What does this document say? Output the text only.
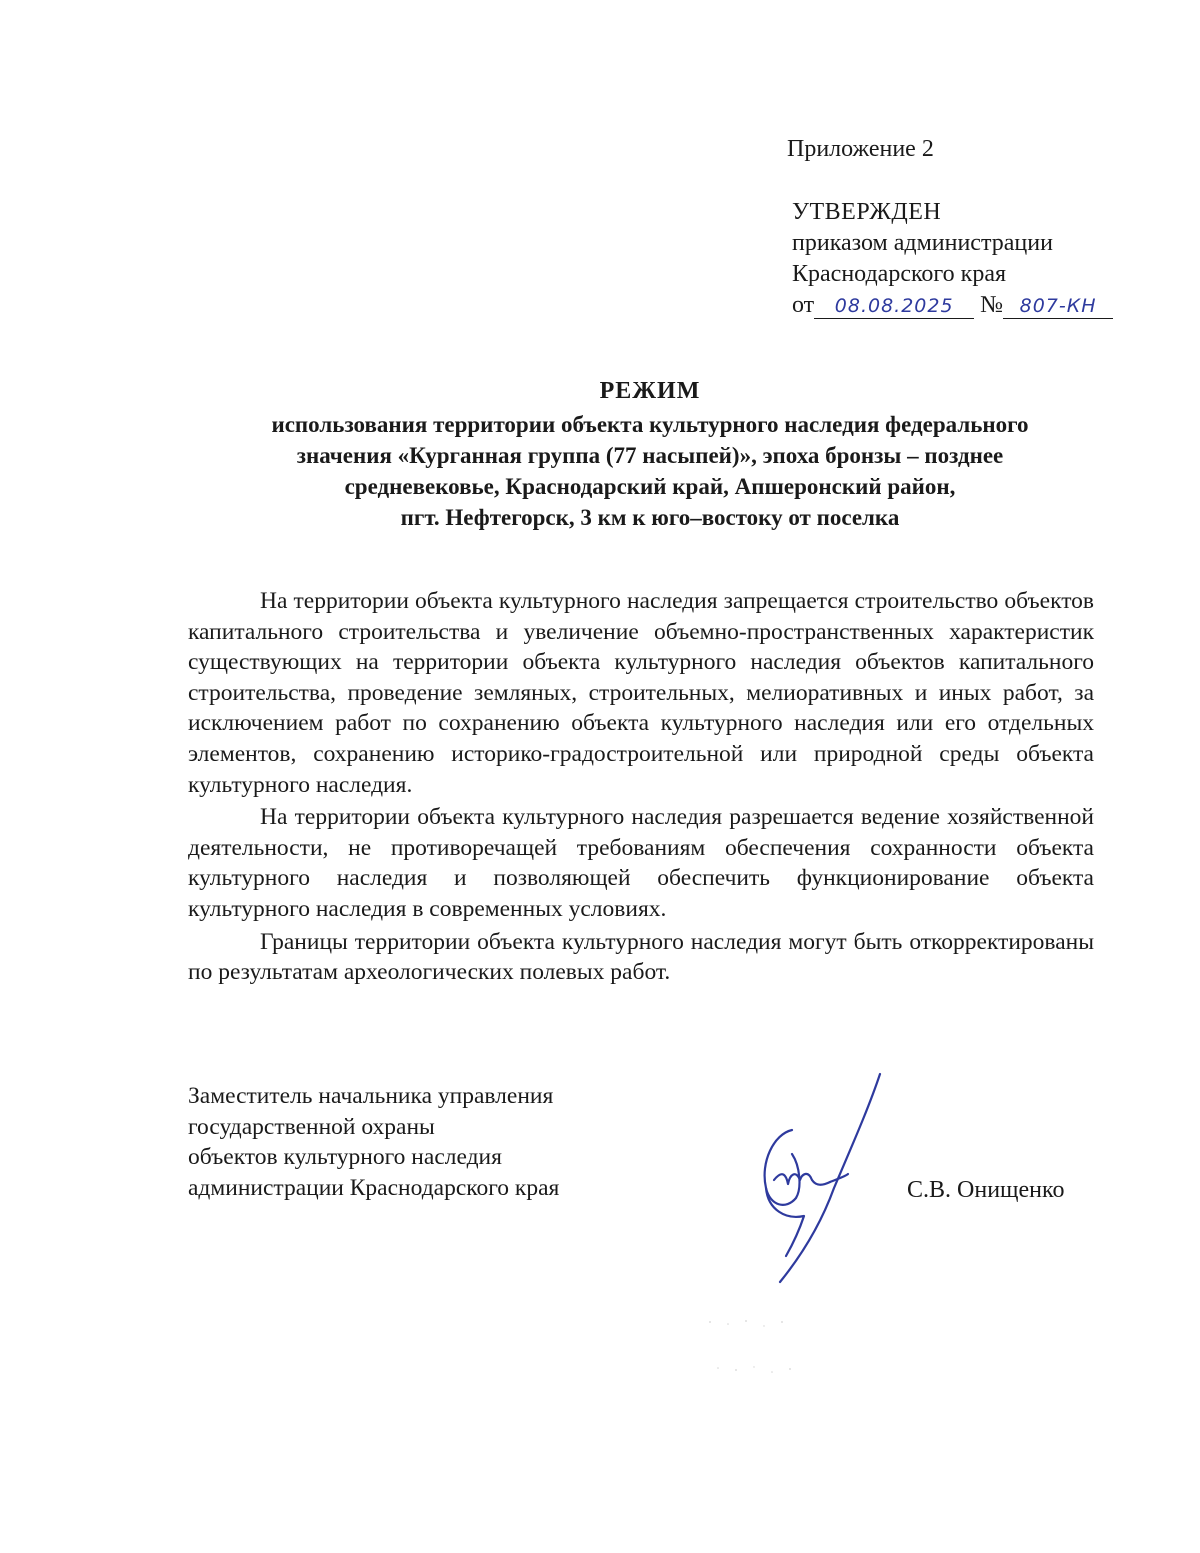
Приложение 2
УТВЕРЖДЕН
приказом администрации
Краснодарского края
от 08.08.2025 № 807-КН
РЕЖИМ
использования территории объекта культурного наследия федерального
значения «Курганная группа (77 насыпей)», эпоха бронзы – позднее
средневековье, Краснодарский край, Апшеронский район,
пгт. Нефтегорск, 3 км к юго–востоку от поселка

На территории объекта культурного наследия запрещается строительство объектов капитального строительства и увеличение объемно-пространственных характеристик существующих на территории объекта культурного наследия объектов капитального строительства, проведение земляных, строительных, мелиоративных и иных работ, за исключением работ по сохранению объекта культурного наследия или его отдельных элементов, сохранению историко-градостроительной или природной среды объекта культурного наследия.

На территории объекта культурного наследия разрешается ведение хозяйственной деятельности, не противоречащей требованиям обеспечения сохранности объекта культурного наследия и позволяющей обеспечить функционирование объекта культурного наследия в современных условиях.

Границы территории объекта культурного наследия могут быть откорректированы по результатам археологических полевых работ.

Заместитель начальника управления
государственной охраны
объектов культурного наследия
администрации Краснодарского края	С.В. Онищенко
